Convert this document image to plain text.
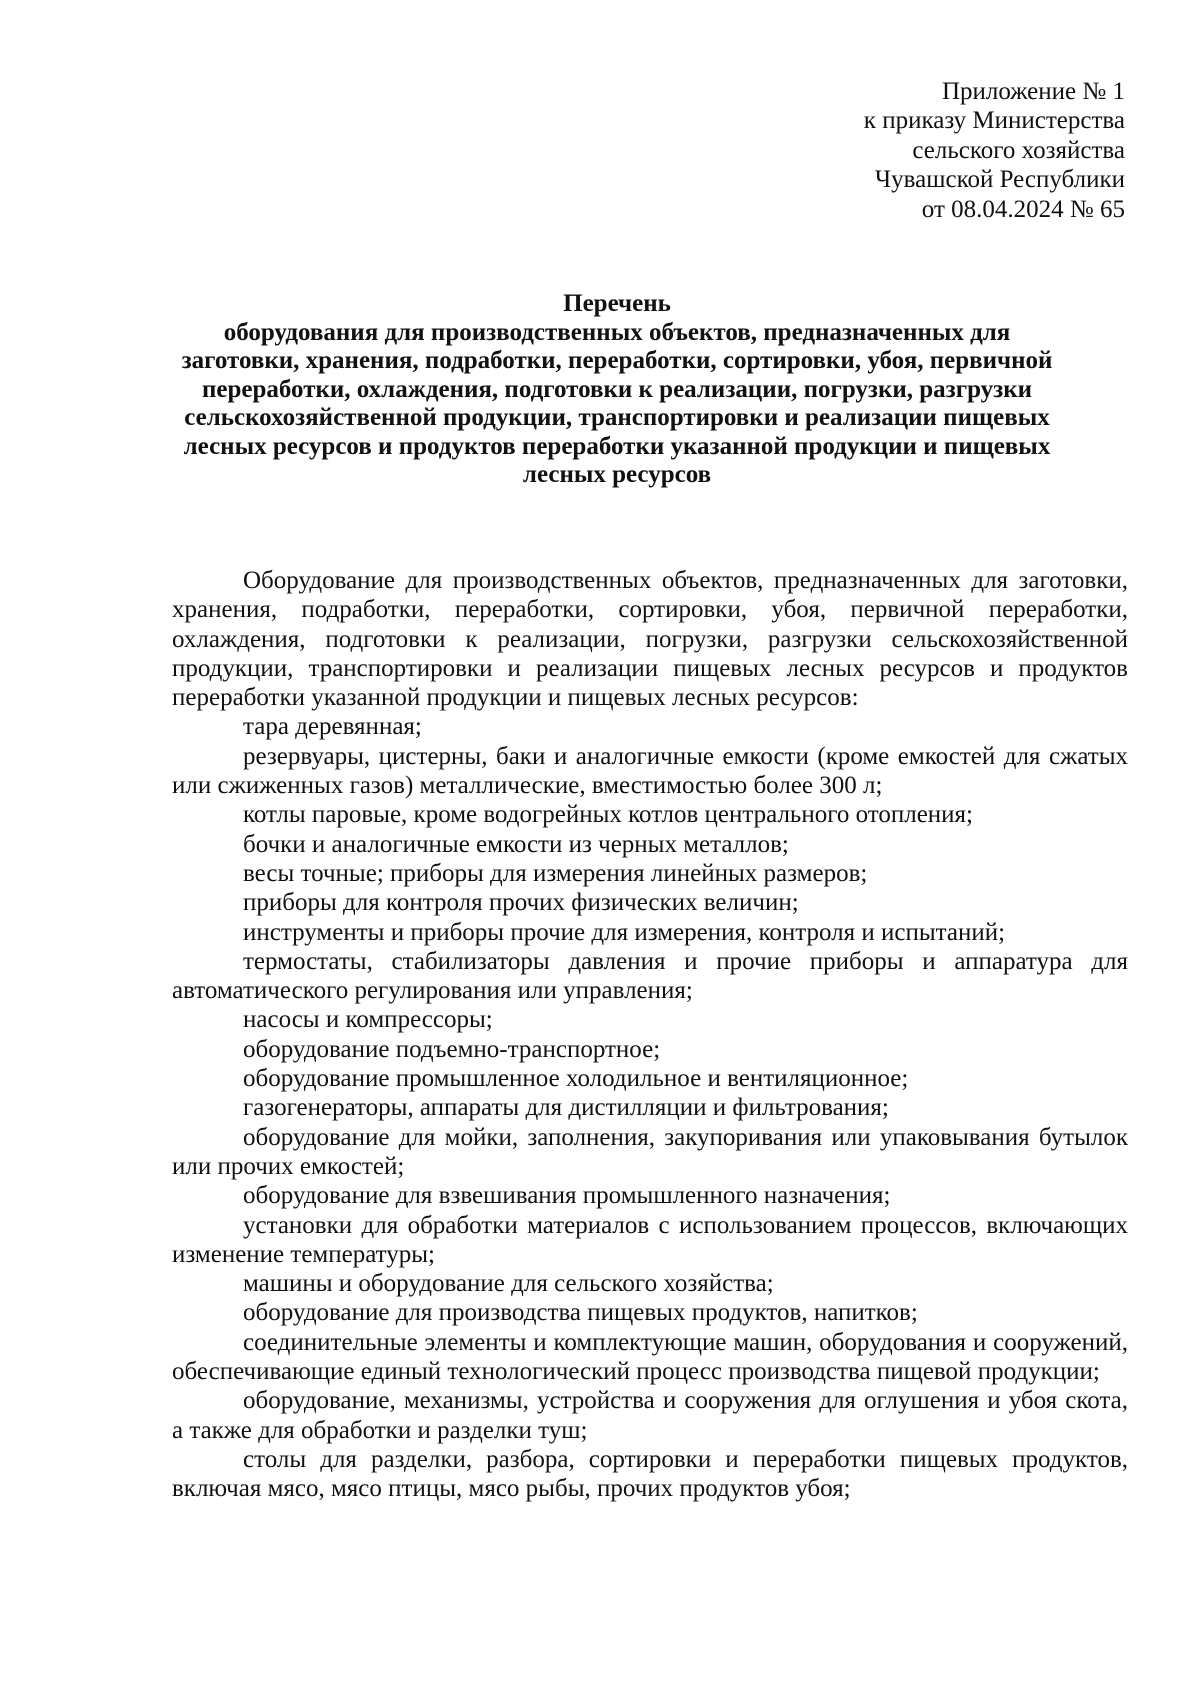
Приложение № 1
к приказу Министерства
сельского хозяйства
Чувашской Республики
от 08.04.2024 № 65
Перечень
оборудования для производственных объектов, предназначенных для
заготовки, хранения, подработки, переработки, сортировки, убоя, первичной
переработки, охлаждения, подготовки к реализации, погрузки, разгрузки
сельскохозяйственной продукции, транспортировки и реализации пищевых
лесных ресурсов и продуктов переработки указанной продукции и пищевых
лесных ресурсов

Оборудование для производственных объектов, предназначенных для заготовки, хранения, подработки, переработки, сортировки, убоя, первичной переработки, охлаждения, подготовки к реализации, погрузки, разгрузки сельскохозяйственной продукции, транспортировки и реализации пищевых лесных ресурсов и продуктов переработки указанной продукции и пищевых лесных ресурсов:

тара деревянная;

резервуары, цистерны, баки и аналогичные емкости (кроме емкостей для сжатых или сжиженных газов) металлические, вместимостью более 300 л;

котлы паровые, кроме водогрейных котлов центрального отопления;

бочки и аналогичные емкости из черных металлов;

весы точные; приборы для измерения линейных размеров;

приборы для контроля прочих физических величин;

инструменты и приборы прочие для измерения, контроля и испытаний;

термостаты, стабилизаторы давления и прочие приборы и аппаратура для автоматического регулирования или управления;

насосы и компрессоры;

оборудование подъемно-транспортное;

оборудование промышленное холодильное и вентиляционное;

газогенераторы, аппараты для дистилляции и фильтрования;

оборудование для мойки, заполнения, закупоривания или упаковывания бутылок или прочих емкостей;

оборудование для взвешивания промышленного назначения;

установки для обработки материалов с использованием процессов, включающих изменение температуры;

машины и оборудование для сельского хозяйства;

оборудование для производства пищевых продуктов, напитков;

соединительные элементы и комплектующие машин, оборудования и сооружений, обеспечивающие единый технологический процесс производства пищевой продукции;

оборудование, механизмы, устройства и сооружения для оглушения и убоя скота, а также для обработки и разделки туш;

столы для разделки, разбора, сортировки и переработки пищевых продуктов, включая мясо, мясо птицы, мясо рыбы, прочих продуктов убоя;
